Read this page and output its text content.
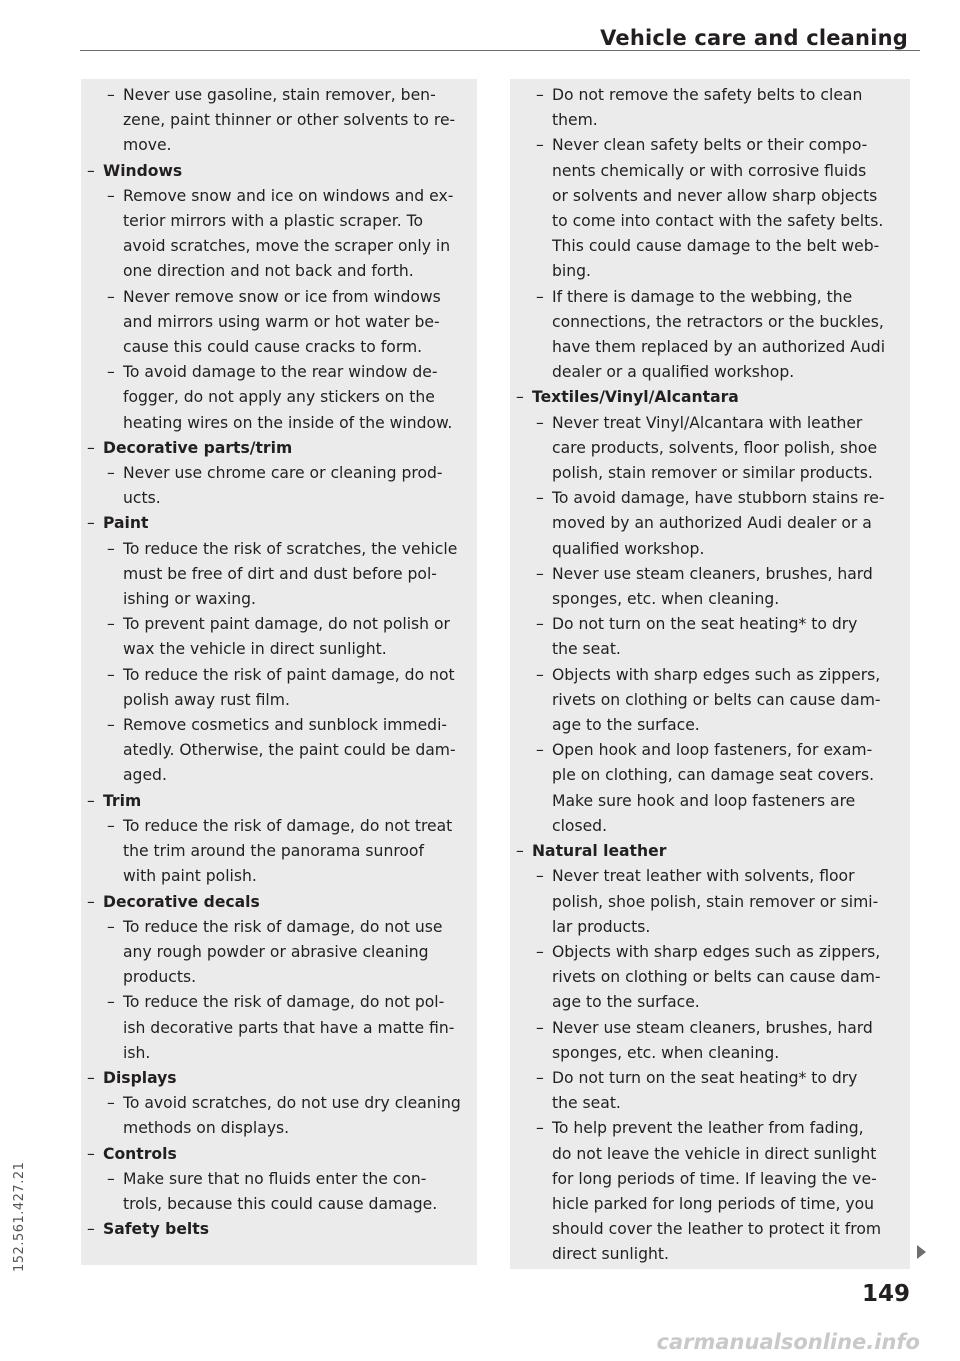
Vehicle care and cleaning
– Never use gasoline, stain remover, ben-
zene, paint thinner or other solvents to re-
move.
– Windows
– Remove snow and ice on windows and ex-
terior mirrors with a plastic scraper. To
avoid scratches, move the scraper only in
one direction and not back and forth.
– Never remove snow or ice from windows
and mirrors using warm or hot water be-
cause this could cause cracks to form.
– To avoid damage to the rear window de-
fogger, do not apply any stickers on the
heating wires on the inside of the window.
– Decorative parts/trim
– Never use chrome care or cleaning prod-
ucts.
– Paint
– To reduce the risk of scratches, the vehicle
must be free of dirt and dust before pol-
ishing or waxing.
– To prevent paint damage, do not polish or
wax the vehicle in direct sunlight.
– To reduce the risk of paint damage, do not
polish away rust film.
– Remove cosmetics and sunblock immedi-
atedly. Otherwise, the paint could be dam-
aged.
– Trim
– To reduce the risk of damage, do not treat
the trim around the panorama sunroof
with paint polish.
– Decorative decals
– To reduce the risk of damage, do not use
any rough powder or abrasive cleaning
products.
– To reduce the risk of damage, do not pol-
ish decorative parts that have a matte fin-
ish.
– Displays
– To avoid scratches, do not use dry cleaning
methods on displays.
– Controls
– Make sure that no fluids enter the con-
trols, because this could cause damage.
– Safety belts
– Do not remove the safety belts to clean
them.
– Never clean safety belts or their compo-
nents chemically or with corrosive fluids
or solvents and never allow sharp objects
to come into contact with the safety belts.
This could cause damage to the belt web-
bing.
– If there is damage to the webbing, the
connections, the retractors or the buckles,
have them replaced by an authorized Audi
dealer or a qualified workshop.
– Textiles/Vinyl/Alcantara
– Never treat Vinyl/Alcantara with leather
care products, solvents, floor polish, shoe
polish, stain remover or similar products.
– To avoid damage, have stubborn stains re-
moved by an authorized Audi dealer or a
qualified workshop.
– Never use steam cleaners, brushes, hard
sponges, etc. when cleaning.
– Do not turn on the seat heating* to dry
the seat.
– Objects with sharp edges such as zippers,
rivets on clothing or belts can cause dam-
age to the surface.
– Open hook and loop fasteners, for exam-
ple on clothing, can damage seat covers.
Make sure hook and loop fasteners are
closed.
– Natural leather
– Never treat leather with solvents, floor
polish, shoe polish, stain remover or simi-
lar products.
– Objects with sharp edges such as zippers,
rivets on clothing or belts can cause dam-
age to the surface.
– Never use steam cleaners, brushes, hard
sponges, etc. when cleaning.
– Do not turn on the seat heating* to dry
the seat.
– To help prevent the leather from fading,
do not leave the vehicle in direct sunlight
for long periods of time. If leaving the ve-
hicle parked for long periods of time, you
should cover the leather to protect it from
direct sunlight.
149
152.561.427.21
carmanualsonline.info
